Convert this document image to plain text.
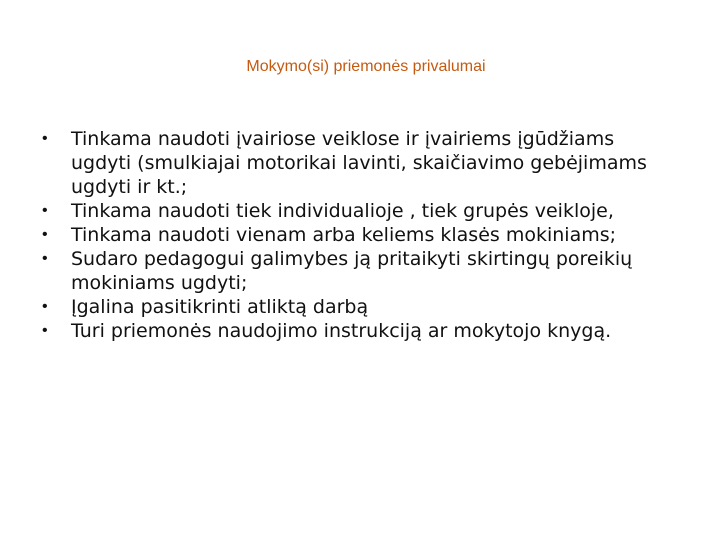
Mokymo(si) priemonės privalumai
•	Tinkama naudoti įvairiose veiklose ir įvairiems įgūdžiams ugdyti (smulkiajai motorikai lavinti, skaičiavimo gebėjimams ugdyti ir kt.;
•	Tinkama naudoti tiek individualioje , tiek grupės veikloje,
•	Tinkama naudoti vienam arba keliems klasės mokiniams;
•	Sudaro pedagogui galimybes ją pritaikyti skirtingų poreikių mokiniams ugdyti;
•	Įgalina pasitikrinti atliktą darbą
•	Turi priemonės naudojimo instrukciją ar mokytojo knygą.
